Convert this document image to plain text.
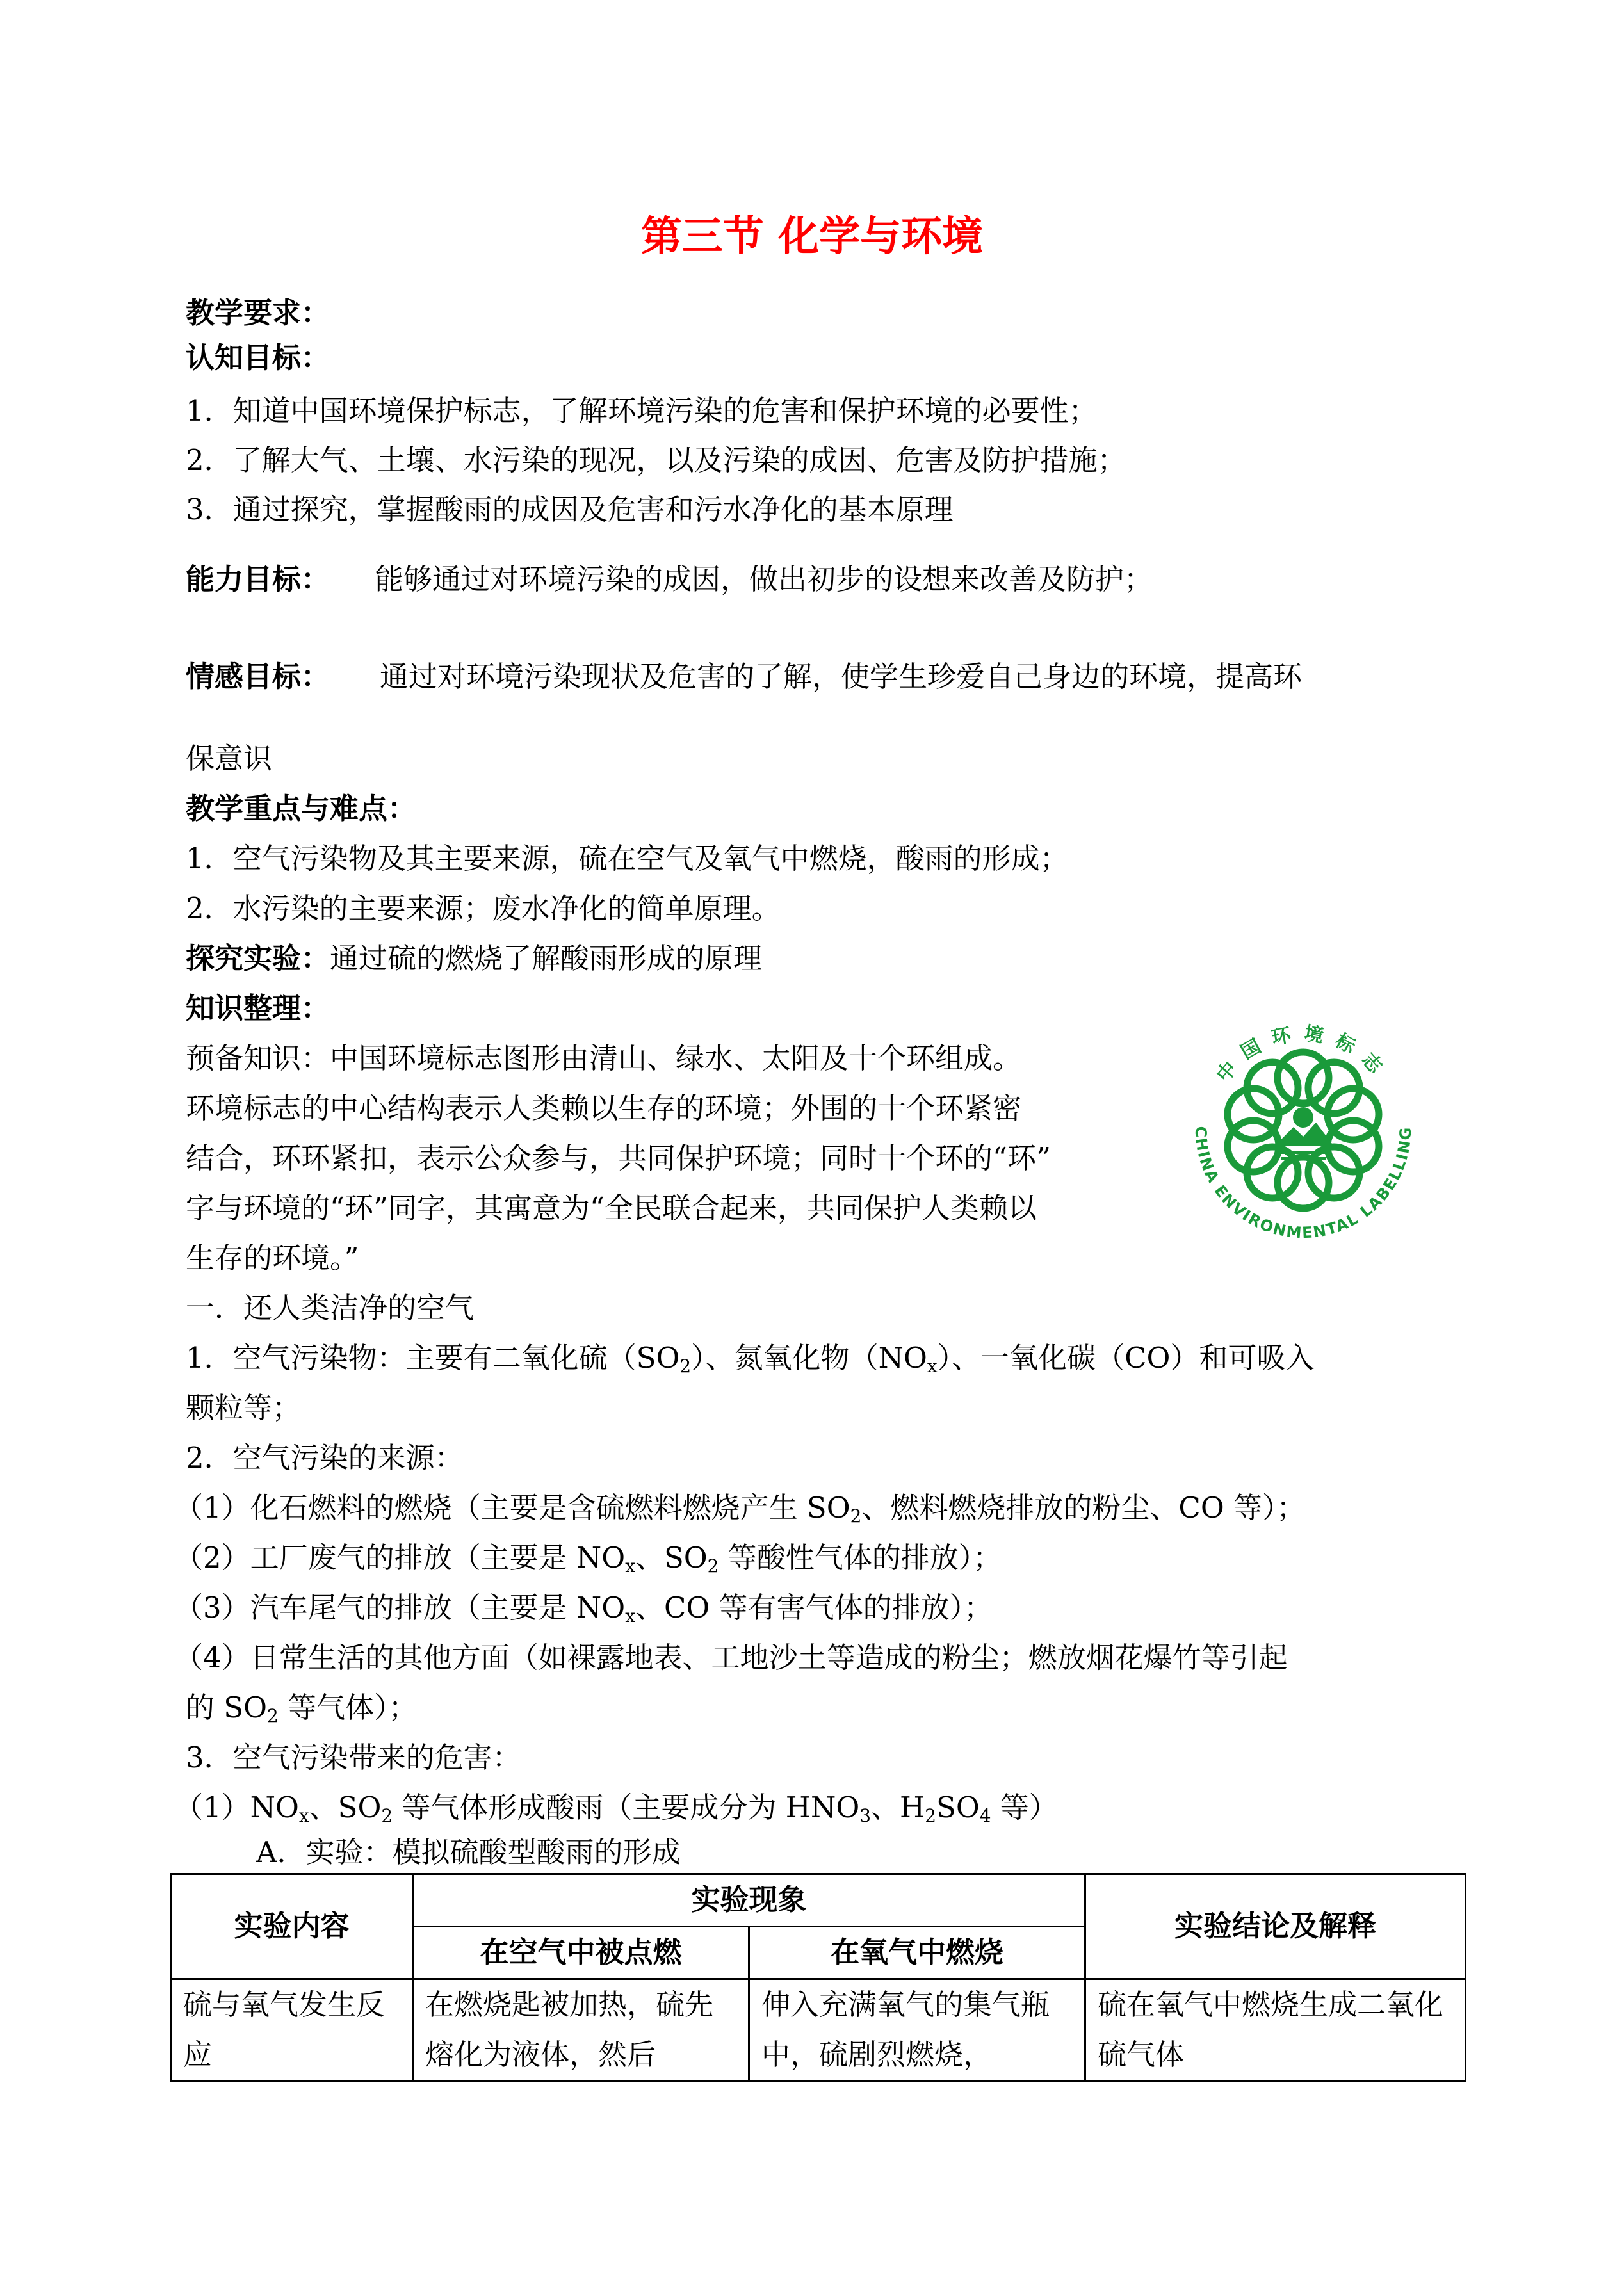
第三节 化学与环境
教学要求：
认知目标：
1．知道中国环境保护标志，了解环境污染的危害和保护环境的必要性；
2．了解大气、土壤、水污染的现况，以及污染的成因、危害及防护措施；
3．通过探究，掌握酸雨的成因及危害和污水净化的基本原理
能力目标： 能够通过对环境污染的成因，做出初步的设想来改善及防护；
情感目标： 通过对环境污染现状及危害的了解，使学生珍爱自己身边的环境，提高环
保意识
教学重点与难点：
1．空气污染物及其主要来源，硫在空气及氧气中燃烧，酸雨的形成；
2．水污染的主要来源；废水净化的简单原理。
探究实验：通过硫的燃烧了解酸雨形成的原理
知识整理：
预备知识：中国环境标志图形由清山、绿水、太阳及十个环组成。
环境标志的中心结构表示人类赖以生存的环境；外围的十个环紧密
结合，环环紧扣，表示公众参与，共同保护环境；同时十个环的“环”
字与环境的“环”同字，其寓意为“全民联合起来，共同保护人类赖以
生存的环境。”
中国环境标志
CHINA ENVIRONMENTAL LABELLING
一．还人类洁净的空气
1．空气污染物：主要有二氧化硫$(SO_2)$、氮氧化物$(NO_x)$、一氧化碳（CO）和可吸入
颗粒等；
2．空气污染的来源：
（1）化石燃料的燃烧（主要是含硫燃料燃烧产生 $SO_2$、燃料燃烧排放的粉尘、CO 等）；
（2）工厂废气的排放（主要是 $NO_x$、$SO_2$ 等酸性气体的排放）；
（3）汽车尾气的排放（主要是 $NO_x$、CO 等有害气体的排放）；
（4）日常生活的其他方面（如裸露地表、工地沙土等造成的粉尘；燃放烟花爆竹等引起
的 $SO_2$ 等气体）；
3．空气污染带来的危害：
$(1)NO_x$、$SO_2$ 等气体形成酸雨（主要成分为 $HNO_3$、$H_2SO_4$ 等）
A．实验：模拟硫酸型酸雨的形成
实验内容	实验现象		实验结论及解释
	在空气中被点燃	在氧气中燃烧	
硫与氧气发生反应	在燃烧匙被加热，硫先熔化为液体，然后	伸入充满氧气的集气瓶中，硫剧烈燃烧，	硫在氧气中燃烧生成二氧化硫气体
